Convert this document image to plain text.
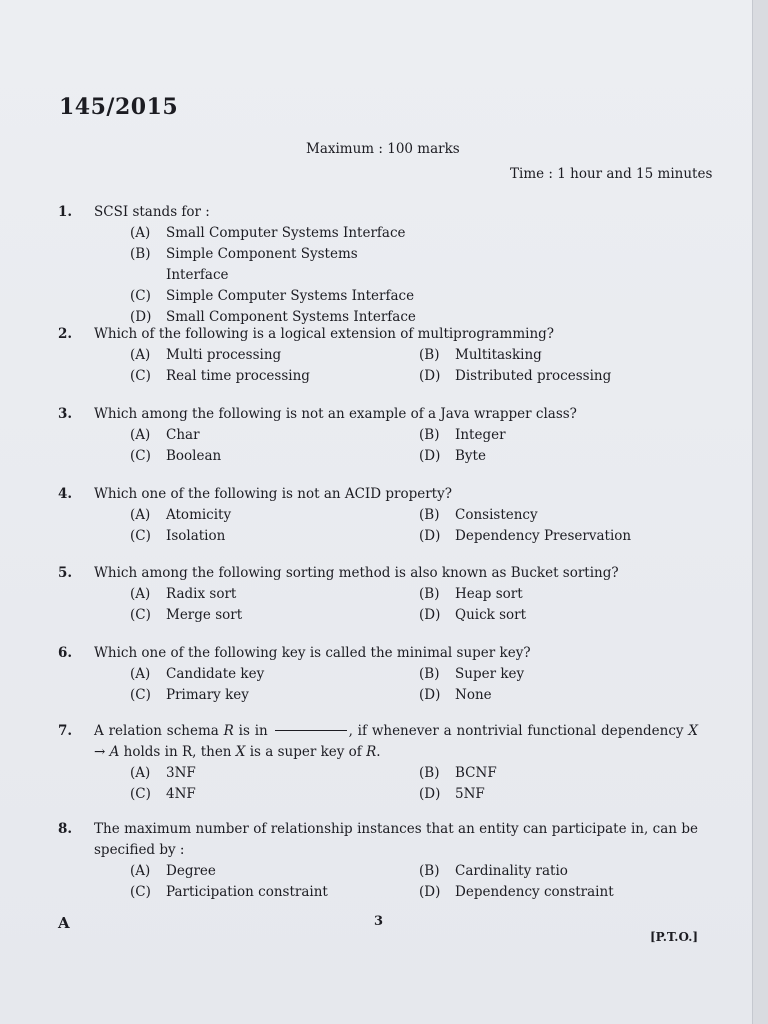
145/2015
Maximum : 100 marks
Time : 1 hour and 15 minutes
1.	SCSI stands for :
(A)	Small Computer Systems Interface
(B)	Simple Component Systems Interface
(C)	Simple Computer Systems Interface
(D)	Small Component Systems Interface
2.	Which of the following is a logical extension of multiprogramming?
(A)	Multi processing	(B)	Multitasking
(C)	Real time processing	(D)	Distributed processing
3.	Which among the following is not an example of a Java wrapper class?
(A)	Char	(B)	Integer
(C)	Boolean	(D)	Byte
4.	Which one of the following is not an ACID property?
(A)	Atomicity	(B)	Consistency
(C)	Isolation	(D)	Dependency Preservation
5.	Which among the following sorting method is also known as Bucket sorting?
(A)	Radix sort	(B)	Heap sort
(C)	Merge sort	(D)	Quick sort
6.	Which one of the following key is called the minimal super key?
(A)	Candidate key	(B)	Super key
(C)	Primary key	(D)	None
7.	A relation schema R is in	, if whenever a nontrivial functional dependency X → A holds in R, then X is a super key of R.
(A)	3NF	(B)	BCNF
(C)	4NF	(D)	5NF
8.	The maximum number of relationship instances that an entity can participate in, can be specified by :
(A)	Degree	(B)	Cardinality ratio
(C)	Participation constraint	(D)	Dependency constraint
A	3
[P.T.O.]
